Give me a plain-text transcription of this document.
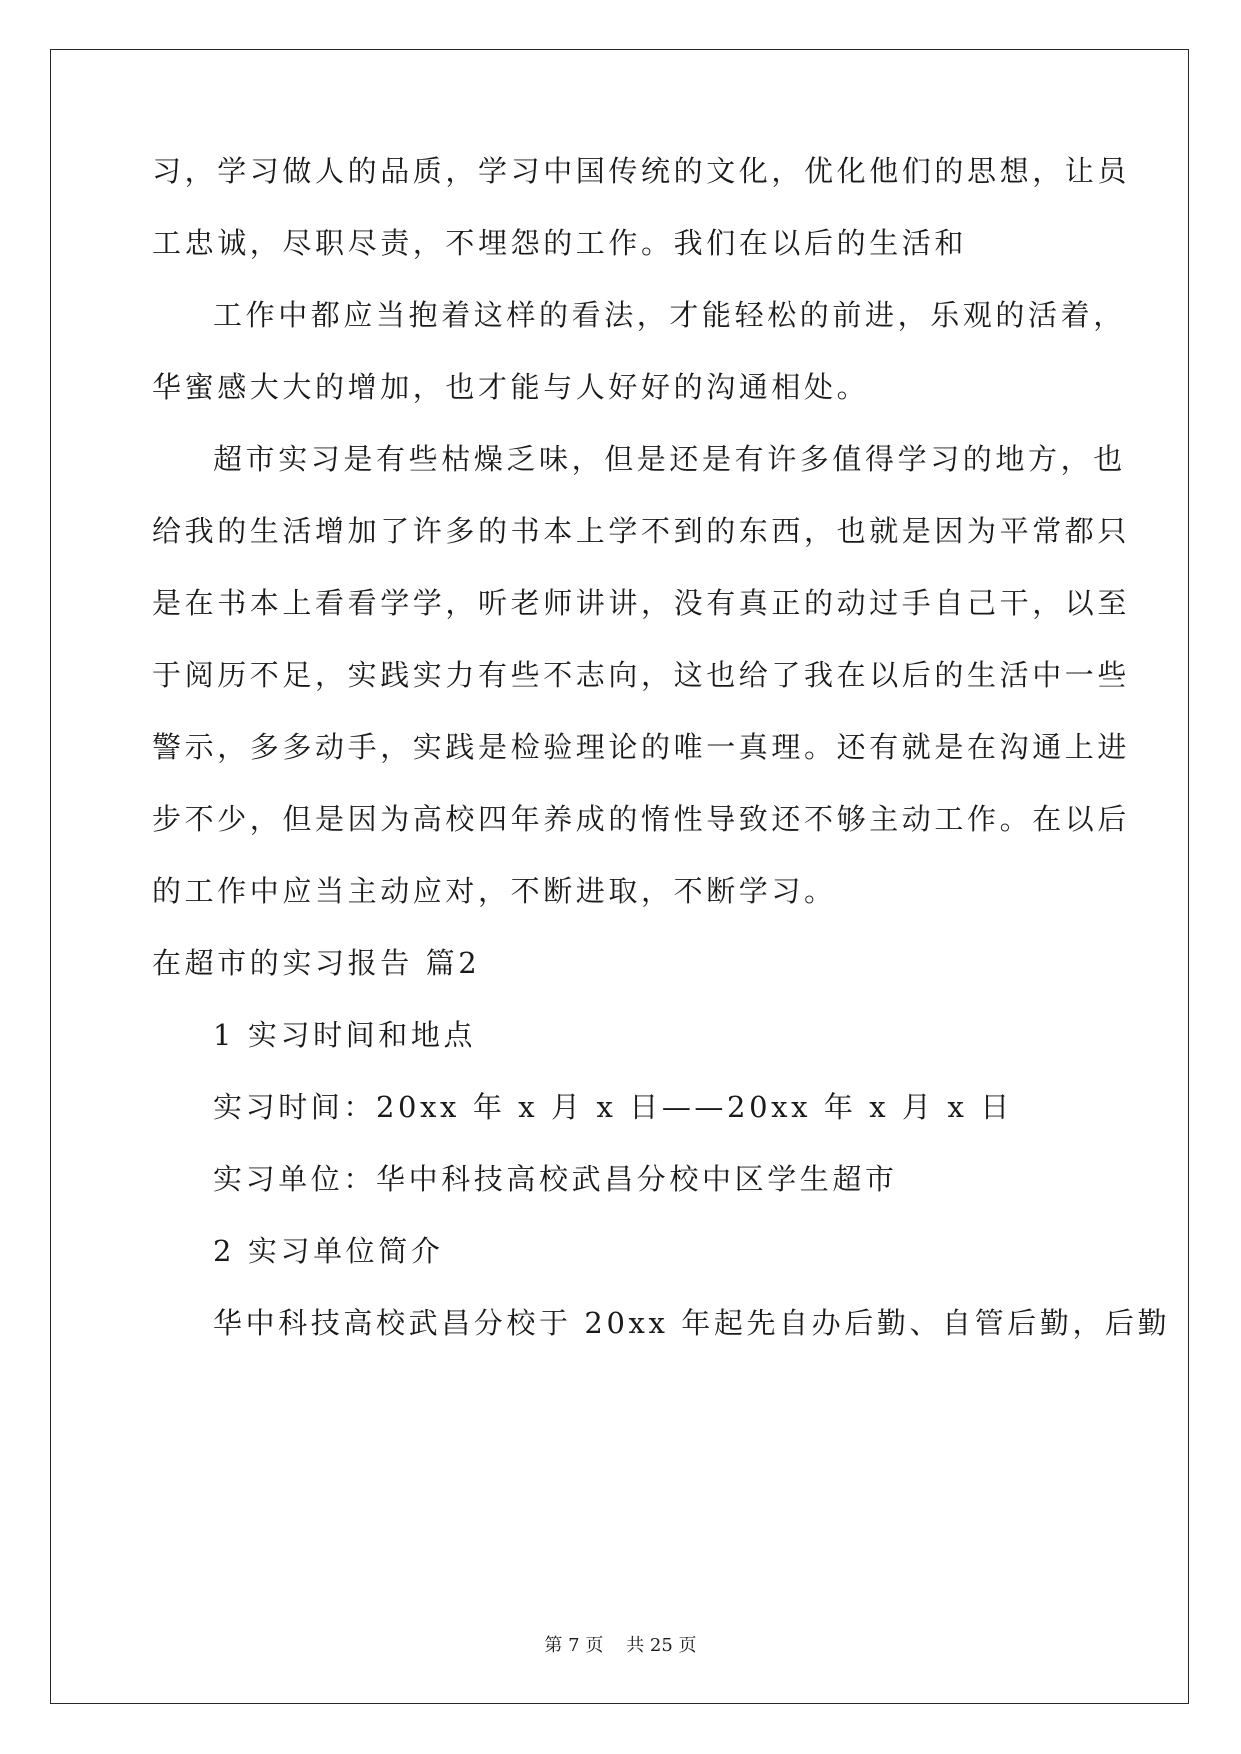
习，学习做人的品质，学习中国传统的文化，优化他们的思想，让员
工忠诚，尽职尽责，不埋怨的工作。我们在以后的生活和
工作中都应当抱着这样的看法，才能轻松的前进，乐观的活着，
华蜜感大大的增加，也才能与人好好的沟通相处。
超市实习是有些枯燥乏味，但是还是有许多值得学习的地方，也
给我的生活增加了许多的书本上学不到的东西，也就是因为平常都只
是在书本上看看学学，听老师讲讲，没有真正的动过手自己干，以至
于阅历不足，实践实力有些不志向，这也给了我在以后的生活中一些
警示，多多动手，实践是检验理论的唯一真理。还有就是在沟通上进
步不少，但是因为高校四年养成的惰性导致还不够主动工作。在以后
的工作中应当主动应对，不断进取，不断学习。
在超市的实习报告 篇2
1 实习时间和地点
实习时间：20xx 年 x 月 x 日——20xx 年 x 月 x 日
实习单位：华中科技高校武昌分校中区学生超市
2 实习单位简介
华中科技高校武昌分校于 20xx 年起先自办后勤、自管后勤，后勤
第 7 页    共 25 页
